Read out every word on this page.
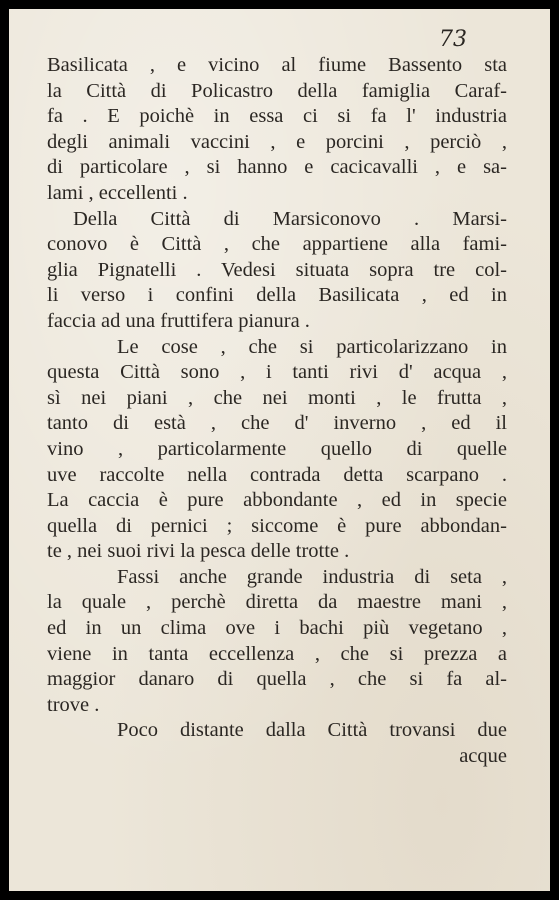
73
Basilicata , e vicino al fiume Bassento sta
la Città di Policastro della famiglia Caraf-
fa . E poichè in essa ci si fa l' industria
degli animali vaccini , e porcini , perciò ,
di particolare , si hanno e cacicavalli , e sa-
lami , eccellenti .
Della Città di Marsiconovo . Marsi-
conovo è Città , che appartiene alla fami-
glia Pignatelli . Vedesi situata sopra tre col-
li verso i confini della Basilicata , ed in
faccia ad una fruttifera pianura .
Le cose , che si particolarizzano in
questa Città sono , i tanti rivi d' acqua ,
sì nei piani , che nei monti , le frutta ,
tanto di està , che d' inverno , ed il
vino , particolarmente quello di quelle
uve raccolte nella contrada detta scarpano .
La caccia è pure abbondante , ed in specie
quella di pernici ; siccome è pure abbondan-
te , nei suoi rivi la pesca delle trotte .
Fassi anche grande industria di seta ,
la quale , perchè diretta da maestre mani ,
ed in un clima ove i bachi più vegetano ,
viene in tanta eccellenza , che si prezza a
maggior danaro di quella , che si fa al-
trove .
Poco distante dalla Città trovansi due
acque
